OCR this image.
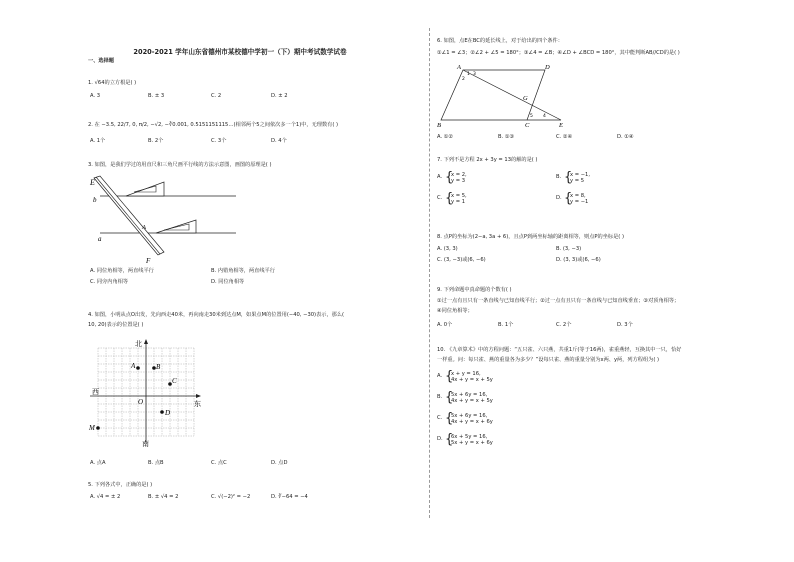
2020-2021 学年山东省德州市某校德中学初一（下）期中考试数学试卷
一、选择题
1. √64的立方根是( )
A. 3	B. ± 3	C. 2	D. ± 2
2. 在 −3.5, 22/7, 0, π/2, −√2, −∛0.001, 0.5151151115…(相邻两个5之间依次多一个1)中，无理数有( )
A. 1个	B. 2个	C. 3个	D. 4个
3. 如图，是我们学过的用直尺和三角尺画平行线的方法示意图，画图的原理是( )
E
b
a
A
F
A. 同位角相等，两直线平行	B. 内错角相等，两直线平行
C. 同旁内角相等	D. 同位角相等
4. 如图，小明从点O出发，先向西走40米，再向南走30米到达点M，如果点M的位置用(−40, −30)表示，那么(
10, 20)表示的位置是( )
北
南
西
东
O
A	B
C
D
M
A. 点A	B. 点B	C. 点C	D. 点D
5. 下列各式中，正确的是( )
A. √4 = ± 2	B. ± √4 = 2	C. √(−2)² = −2	D. ∛−64 = −4
6. 如图，点E在BC的延长线上，对于给出的四个条件：
①∠1 = ∠3；②∠2 + ∠5 = 180°；③∠4 = ∠B；④∠D + ∠BCD = 180°，其中能判断AB//CD的是( )
A	D
B	C	E
G
1
2
3
4
5
A. ①②	B. ①③	C. ②④	D. ①④
7. 下列不是方程 2x + 3y = 13的解的是( )
A. {
x = 2,
y = 3
B. {
x = −1,
y = 5
C. {
x = 5,
y = 1
D. {
x = 8,
y = −1
8. 点P的坐标为(2−a, 3a + 6)，且点P到两坐标轴的距离相等，则点P的坐标是( )
A. (3, 3)	B. (3, −3)
C. (3, −3)或(6, −6)	D. (3, 3)或(6, −6)
9. 下列命题中真命题的个数有( )
①过一点有且只有一条直线与已知直线平行；②过一点有且只有一条直线与已知直线垂直；③对顶角相等；
④同位角相等；
A. 0个	B. 1个	C. 2个	D. 3个
10. 《九章算术》中的方程问题：“五只雀、六只燕，共重1斤(等于16两)，雀重燕轻，互换其中一只，恰好
一样重。问：每只雀、燕的重量各为多少？”设每只雀、燕的重量分别为x两、y两，列方程组为( )
A. {
x + y = 16,
4x + y = x + 5y
B. {
5x + 6y = 16,
4x + y = x + 5y
C. {
5x + 6y = 16,
4x + y = x + 6y
D. {
6x + 5y = 16,
5x + y = x + 6y
